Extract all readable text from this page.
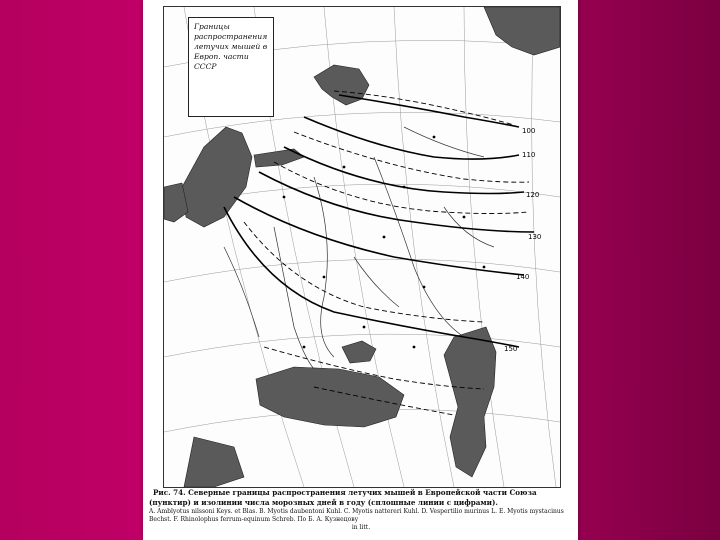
100
110
120
130
140
150
Границы распространения летучих мышей в Европ. части СССР
Рис. 74. Северные границы распространения летучих мышей в Европейской части Союза (пунктир) и изолинии числа морозных дней в году (сплошные линии с цифрами).
A. Amblyotus nilssoni Keys. et Blas. B. Myotis daubentoni Kuhl. C. Myotis nattereri Kuhl. D. Vespertilio murinus L. E. Myotis mystacinus Bechst. F. Rhinolophus ferrum-equinum Schreb. По Б. А. Кузнецову
in litt.
